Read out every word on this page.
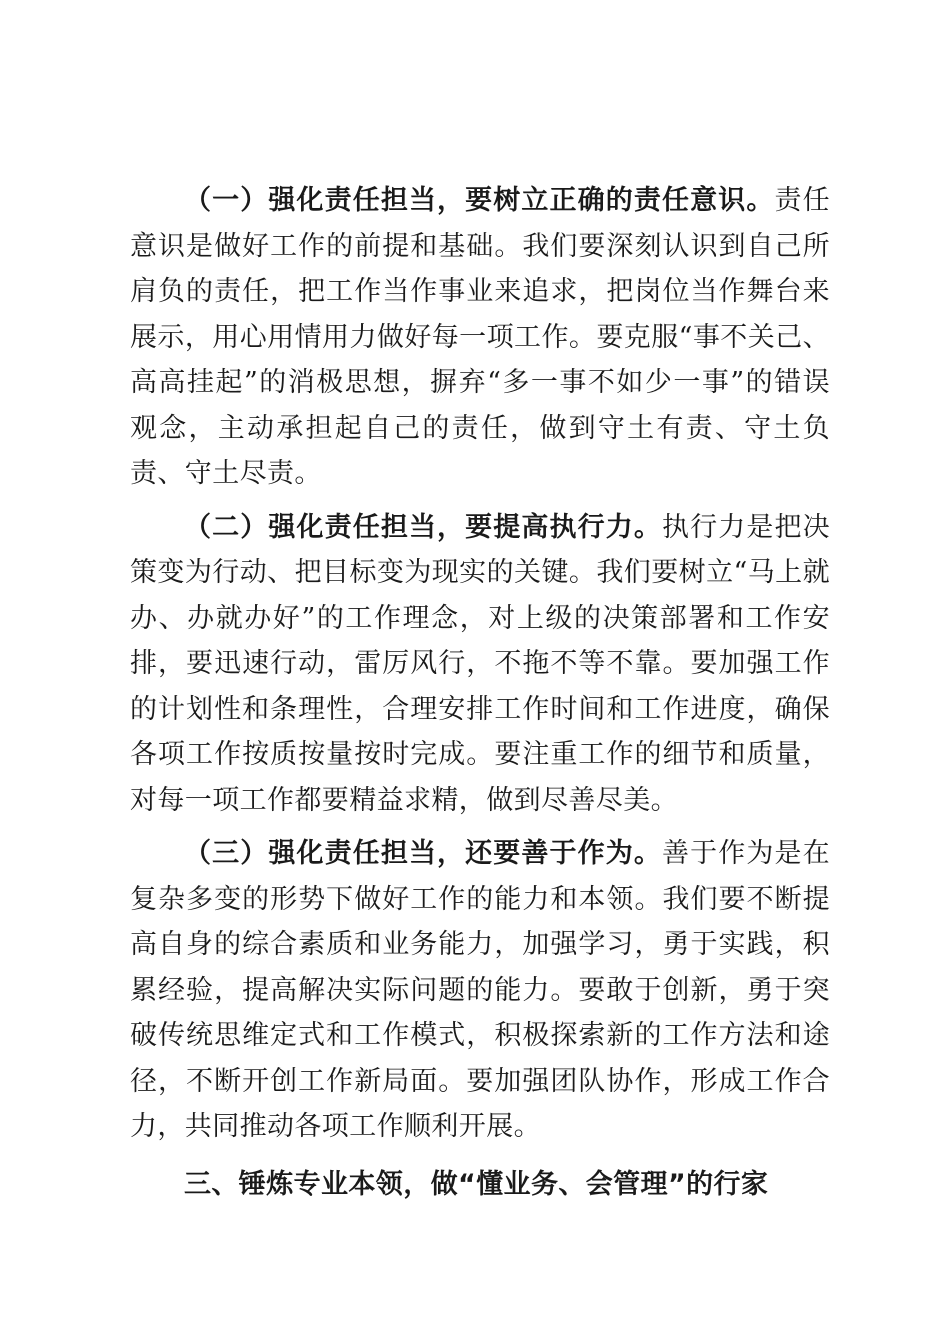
（一）强化责任担当，要树立正确的责任意识。责任意识是做好工作的前提和基础。我们要深刻认识到自己所肩负的责任，把工作当作事业来追求，把岗位当作舞台来展示，用心用情用力做好每一项工作。要克服“事不关己、高高挂起”的消极思想，摒弃“多一事不如少一事”的错误观念，主动承担起自己的责任，做到守土有责、守土负责、守土尽责。

（二）强化责任担当，要提高执行力。执行力是把决策变为行动、把目标变为现实的关键。我们要树立“马上就办、办就办好”的工作理念，对上级的决策部署和工作安排，要迅速行动，雷厉风行，不拖不等不靠。要加强工作的计划性和条理性，合理安排工作时间和工作进度，确保各项工作按质按量按时完成。要注重工作的细节和质量，对每一项工作都要精益求精，做到尽善尽美。

（三）强化责任担当，还要善于作为。善于作为是在复杂多变的形势下做好工作的能力和本领。我们要不断提高自身的综合素质和业务能力，加强学习，勇于实践，积累经验，提高解决实际问题的能力。要敢于创新，勇于突破传统思维定式和工作模式，积极探索新的工作方法和途径，不断开创工作新局面。要加强团队协作，形成工作合力，共同推动各项工作顺利开展。

三、锤炼专业本领，做“懂业务、会管理”的行家
